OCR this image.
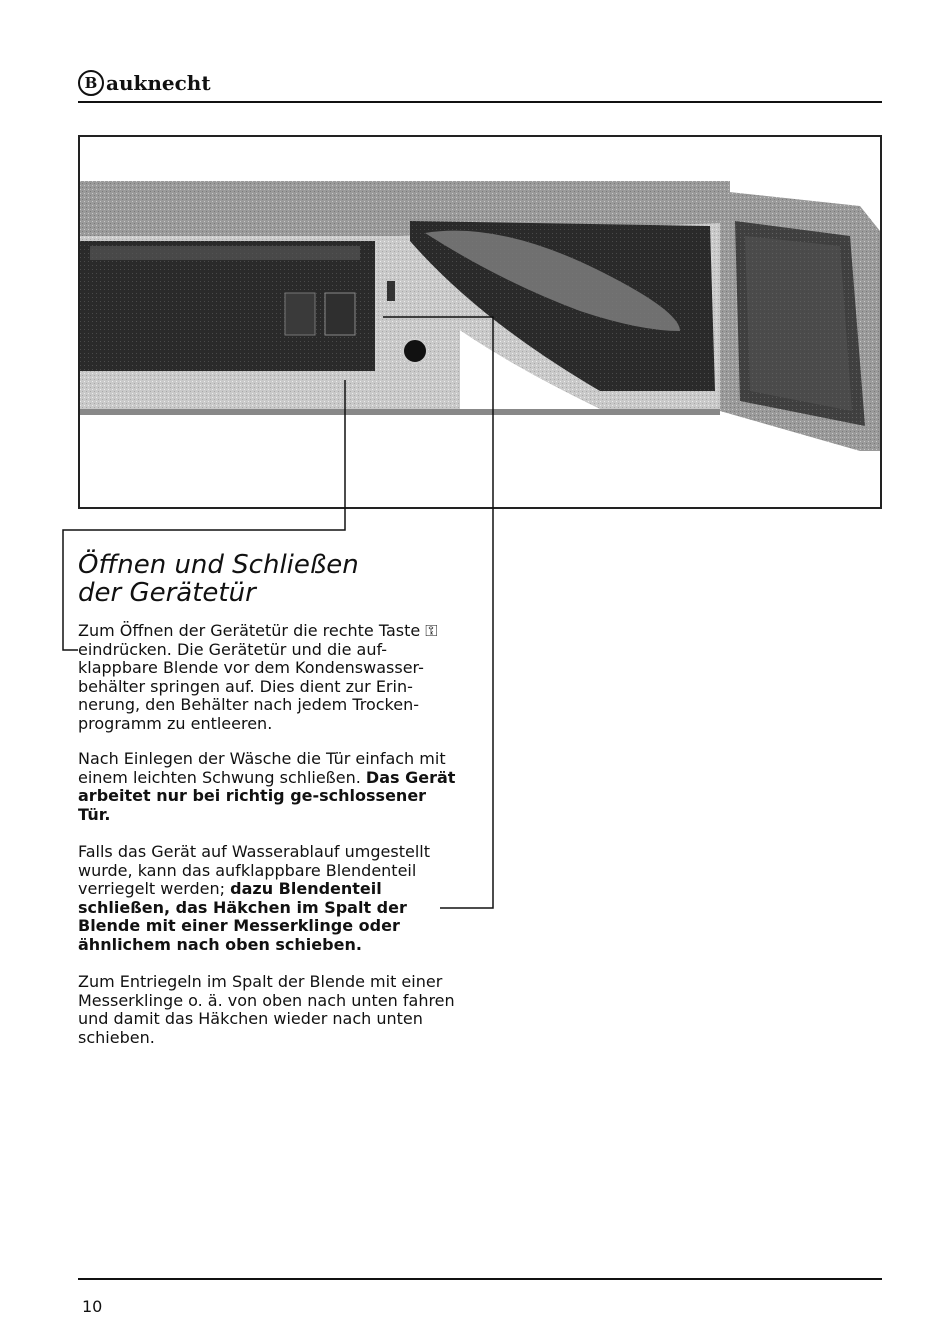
B auknecht
Öffnen und Schließen
der Gerätetür
Zum Öffnen der Gerätetür die rechte Taste ⚿ eindrücken. Die Gerätetür und die auf-klappbare Blende vor dem Kondenswasser-behälter springen auf. Dies dient zur Erin-nerung, den Behälter nach jedem Trocken-programm zu entleeren.
Nach Einlegen der Wäsche die Tür einfach mit einem leichten Schwung schließen. Das Gerät arbeitet nur bei richtig ge-schlossener Tür.
Falls das Gerät auf Wasserablauf umgestellt wurde, kann das aufklappbare Blendenteil verriegelt werden; dazu Blendenteil schließen, das Häkchen im Spalt der Blende mit einer Messerklinge oder ähnlichem nach oben schieben.
Zum Entriegeln im Spalt der Blende mit einer Messerklinge o. ä. von oben nach unten fahren und damit das Häkchen wieder nach unten schieben.
10
